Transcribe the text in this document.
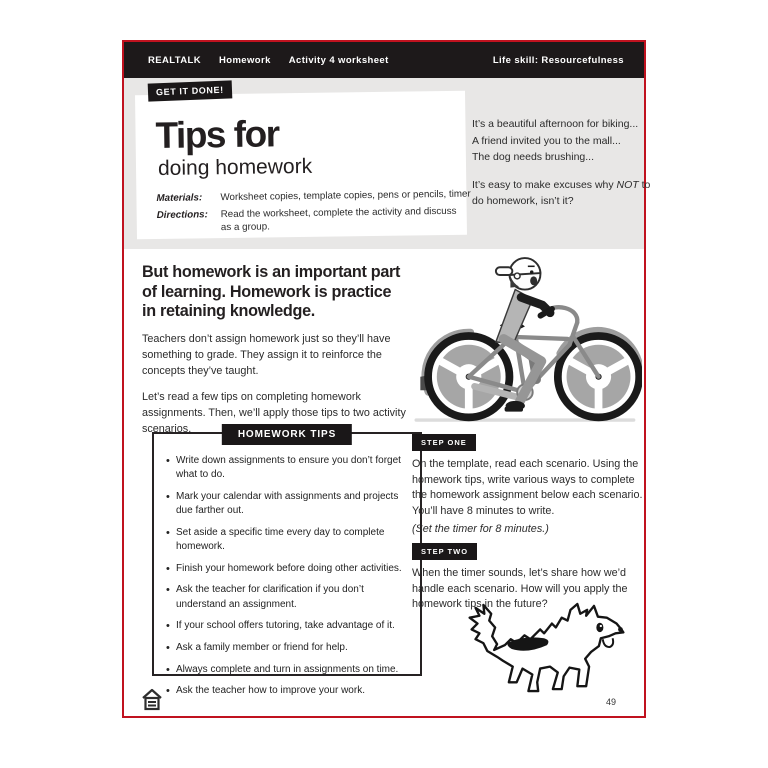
REALTALK Homework Activity 4 worksheet	Life skill: Resourcefulness
GET IT DONE!
Tips for
doing homework
Materials:	Worksheet copies, template copies, pens or pencils, timer
Directions:	Read the worksheet, complete the activity and discuss as a group.

It’s a beautiful afternoon for biking...
A friend invited you to the mall...
The dog needs brushing...

It’s easy to make excuses why NOT to do homework, isn’t it?

But homework is an important part of learning. Homework is practice in retaining knowledge.
Teachers don’t assign homework just so they’ll have something to grade. They assign it to reinforce the concepts they’ve taught.
Let’s read a few tips on completing homework assignments. Then, we’ll apply those tips to two activity scenarios.	HOMEWORK TIPS
• Write down assignments to ensure you don’t forget what to do.
• Mark your calendar with assignments and projects due farther out.
• Set aside a specific time every day to complete homework.
• Finish your homework before doing other activities.
• Ask the teacher for clarification if you don’t understand an assignment.
• If your school offers tutoring, take advantage of it.
• Ask a family member or friend for help.
• Always complete and turn in assignments on time.
• Ask the teacher how to improve your work.
STEP ONE
On the template, read each scenario. Using the homework tips, write various ways to complete the homework assignment below each scenario. You’ll have 8 minutes to write.
(Set the timer for 8 minutes.)
STEP TWO
When the timer sounds, let’s share how we’d handle each scenario. How will you apply the homework tips in the future?
49
